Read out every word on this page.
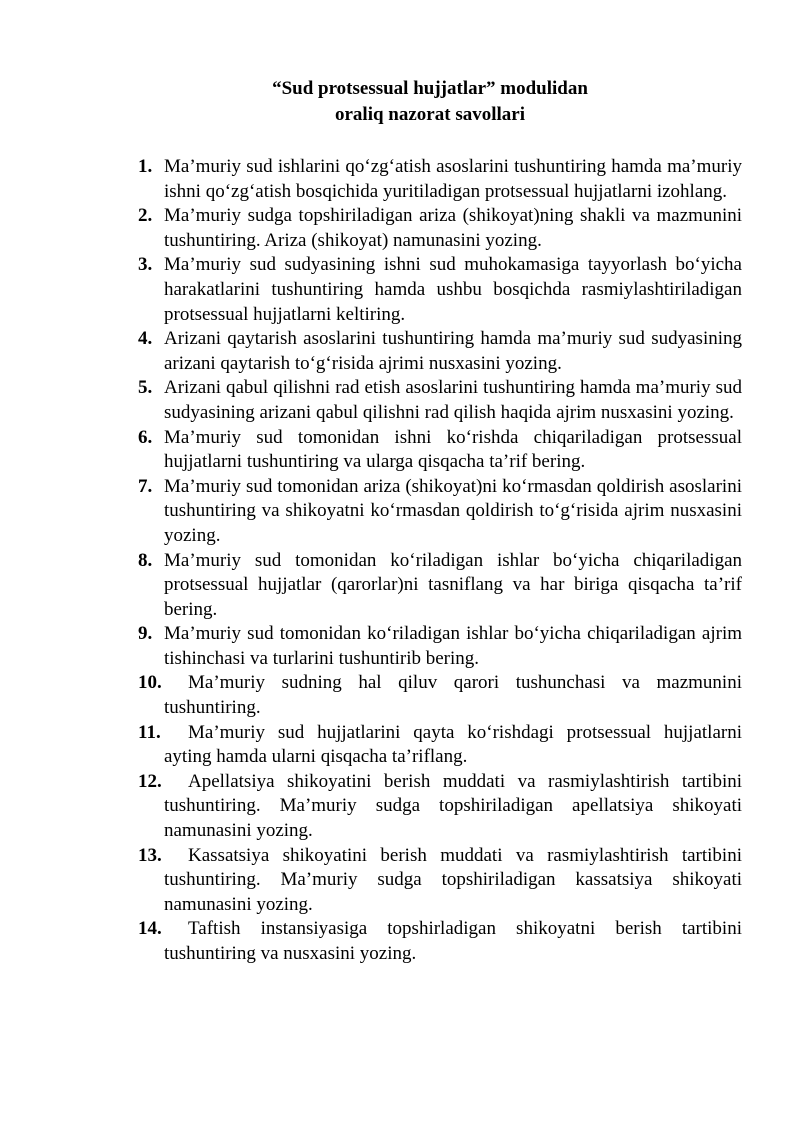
“Sud protsessual hujjatlar” modulidan
oraliq nazorat savollari
1. Ma’muriy sud ishlarini qo‘zg‘atish asoslarini tushuntiring hamda ma’muriy ishni qo‘zg‘atish bosqichida yuritiladigan protsessual hujjatlarni izohlang.
2. Ma’muriy sudga topshiriladigan ariza (shikoyat)ning shakli va mazmunini tushuntiring. Ariza (shikoyat) namunasini yozing.
3. Ma’muriy sud sudyasining ishni sud muhokamasiga tayyorlash bo‘yicha harakatlarini tushuntiring hamda ushbu bosqichda rasmiylashtiriladigan protsessual hujjatlarni keltiring.
4. Arizani qaytarish asoslarini tushuntiring hamda ma’muriy sud sudyasining arizani qaytarish to‘g‘risida ajrimi nusxasini yozing.
5. Arizani qabul qilishni rad etish asoslarini tushuntiring hamda ma’muriy sud sudyasining arizani qabul qilishni rad qilish haqida ajrim nusxasini yozing.
6. Ma’muriy sud tomonidan ishni ko‘rishda chiqariladigan protsessual hujjatlarni tushuntiring va ularga qisqacha ta’rif bering.
7. Ma’muriy sud tomonidan ariza (shikoyat)ni ko‘rmasdan qoldirish asoslarini tushuntiring va shikoyatni ko‘rmasdan qoldirish to‘g‘risida ajrim nusxasini yozing.
8. Ma’muriy sud tomonidan ko‘riladigan ishlar bo‘yicha chiqariladigan protsessual hujjatlar (qarorlar)ni tasniflang va har biriga qisqacha ta’rif bering.
9. Ma’muriy sud tomonidan ko‘riladigan ishlar bo‘yicha chiqariladigan ajrim tishinchasi va turlarini tushuntirib bering.
10. Ma’muriy sudning hal qiluv qarori tushunchasi va mazmunini tushuntiring.
11. Ma’muriy sud hujjatlarini qayta ko‘rishdagi protsessual hujjatlarni ayting hamda ularni qisqacha ta’riflang.
12. Apellatsiya shikoyatini berish muddati va rasmiylashtirish tartibini tushuntiring. Ma’muriy sudga topshiriladigan apellatsiya shikoyati namunasini yozing.
13. Kassatsiya shikoyatini berish muddati va rasmiylashtirish tartibini tushuntiring. Ma’muriy sudga topshiriladigan kassatsiya shikoyati namunasini yozing.
14. Taftish instansiyasiga topshirladigan shikoyatni berish tartibini tushuntiring va nusxasini yozing.
